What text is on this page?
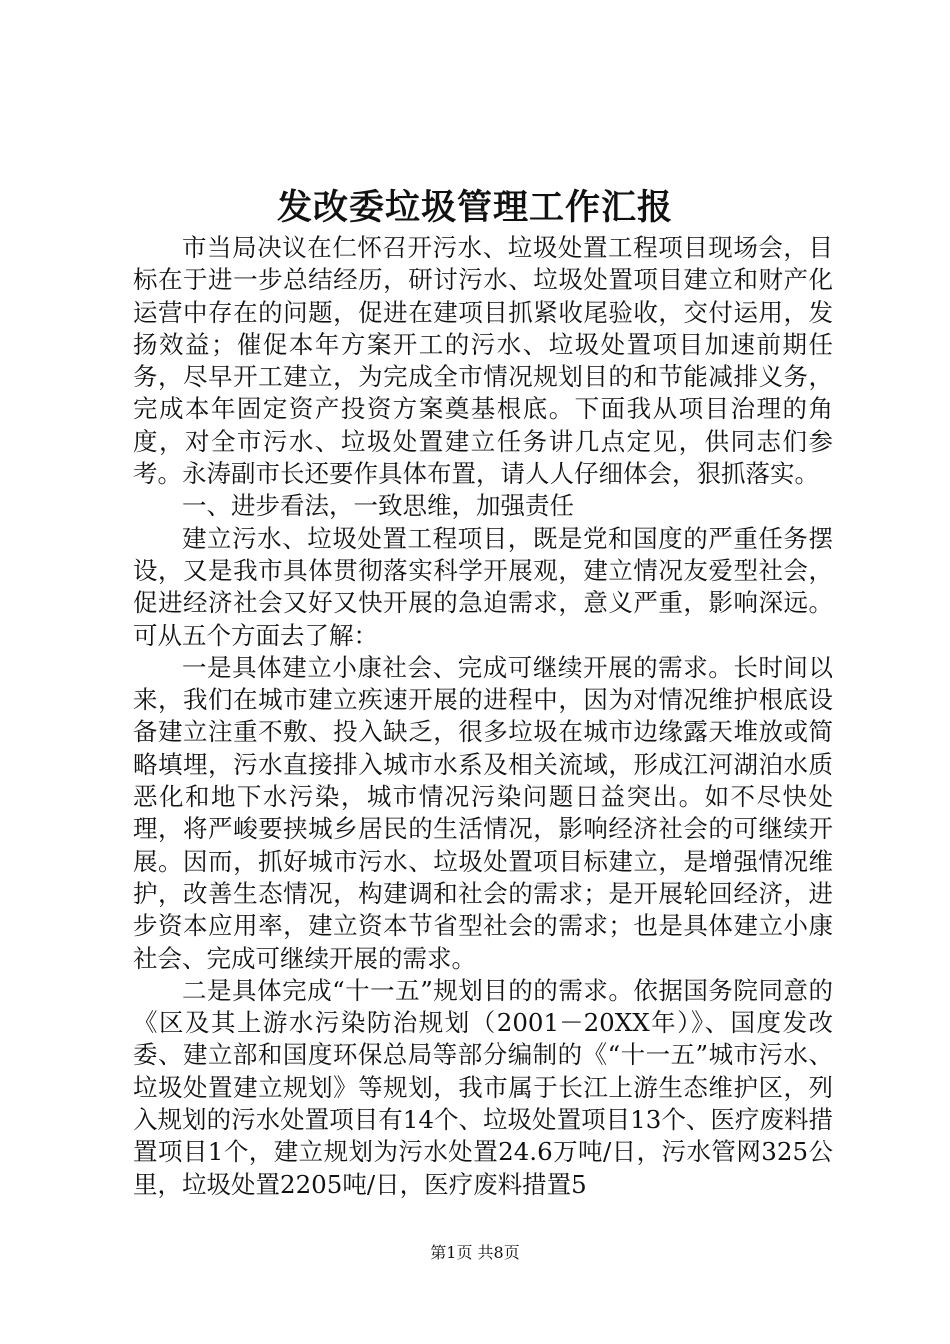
发改委垃圾管理工作汇报

市当局决议在仁怀召开污水、垃圾处置工程项目现场会，目标在于进一步总结经历，研讨污水、垃圾处置项目建立和财产化运营中存在的问题，促进在建项目抓紧收尾验收，交付运用，发扬效益；催促本年方案开工的污水、垃圾处置项目加速前期任务，尽早开工建立，为完成全市情况规划目的和节能减排义务，完成本年固定资产投资方案奠基根底。下面我从项目治理的角度，对全市污水、垃圾处置建立任务讲几点定见，供同志们参考。永涛副市长还要作具体布置，请人人仔细体会，狠抓落实。

一、进步看法，一致思维，加强责任

建立污水、垃圾处置工程项目，既是党和国度的严重任务摆设，又是我市具体贯彻落实科学开展观，建立情况友爱型社会，促进经济社会又好又快开展的急迫需求，意义严重，影响深远。可从五个方面去了解：

一是具体建立小康社会、完成可继续开展的需求。长时间以来，我们在城市建立疾速开展的进程中，因为对情况维护根底设备建立注重不敷、投入缺乏，很多垃圾在城市边缘露天堆放或简略填埋，污水直接排入城市水系及相关流域，形成江河湖泊水质恶化和地下水污染，城市情况污染问题日益突出。如不尽快处理，将严峻要挟城乡居民的生活情况，影响经济社会的可继续开展。因而，抓好城市污水、垃圾处置项目标建立，是增强情况维护，改善生态情况，构建调和社会的需求；是开展轮回经济，进步资本应用率，建立资本节省型社会的需求；也是具体建立小康社会、完成可继续开展的需求。

二是具体完成“十一五”规划目的的需求。依据国务院同意的《区及其上游水污染防治规划（2001－20XX年）》、国度发改委、建立部和国度环保总局等部分编制的《“十一五”城市污水、垃圾处置建立规划》等规划，我市属于长江上游生态维护区，列入规划的污水处置项目有14个、垃圾处置项目13个、医疗废料措置项目1个，建立规划为污水处置24.6万吨/日，污水管网325公里，垃圾处置2205吨/日，医疗废料措置5

第1页 共8页
